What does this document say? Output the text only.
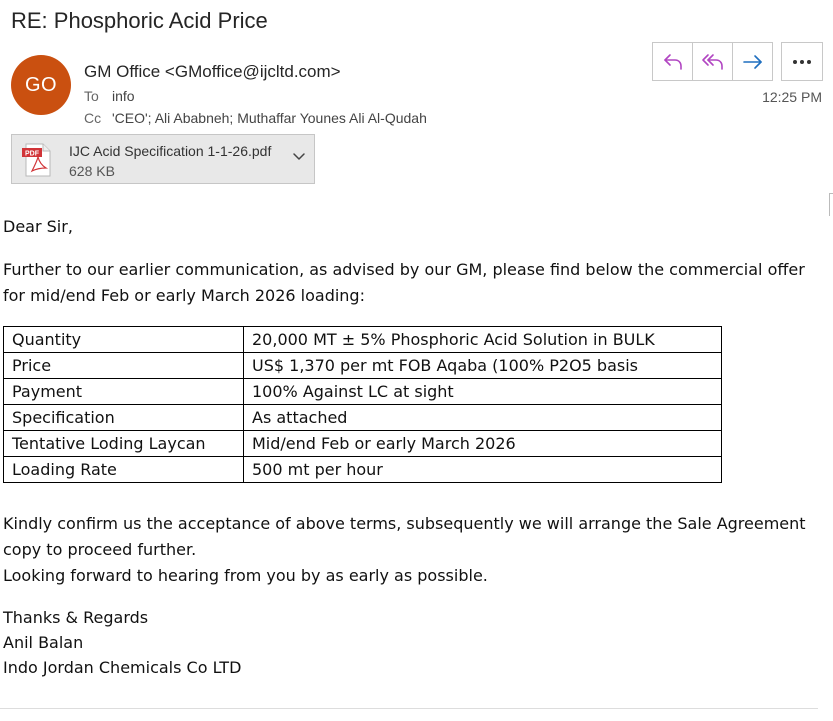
RE: Phosphoric Acid Price
GO
GM Office <GMoffice@ijcltd.com>
To info
Cc 'CEO'; Ali Ababneh; Muthaffar Younes Ali Al-Qudah
12:25 PM
PDF IJC Acid Specification 1-1-26.pdf
628 KB

Dear Sir,

Further to our earlier communication, as advised by our GM, please find below the commercial offer

for mid/end Feb or early March 2026 loading:

Quantity	20,000 MT ± 5% Phosphoric Acid Solution in BULK
Price	US$ 1,370 per mt FOB Aqaba (100% P2O5 basis
Payment	100% Against LC at sight
Specification	As attached
Tentative Loding Laycan	Mid/end Feb or early March 2026
Loading Rate	500 mt per hour

Kindly confirm us the acceptance of above terms, subsequently we will arrange the Sale Agreement

copy to proceed further.

Looking forward to hearing from you by as early as possible.

Thanks & Regards

Anil Balan

Indo Jordan Chemicals Co LTD
